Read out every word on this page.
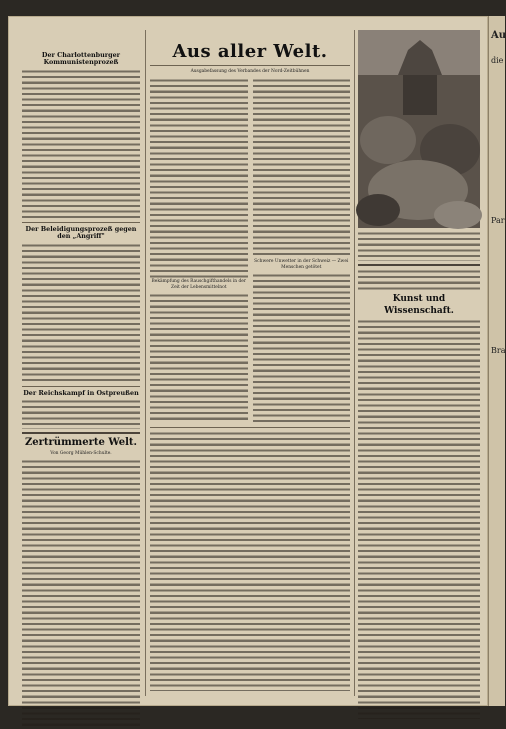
Der Charlottenburger Kommunistenprozeß
Der Beleidigungsprozeß gegen den „Angriff"
Der Reichskampf in Ostpreußen
Zertrümmerte Welt.
Von Georg Mühlen-Schulte.
Aus aller Welt.
Ausgabefassung des Verbandes der Nord-Zeitbühnen
Bekämpfung des Rauschgifthandels in der Zeit der Lebensmittelnot
Schwere Unwetter in der Schweiz — Zwei Menschen getötet
Kunst und Wissenschaft.
Au
die
Par
Bra
